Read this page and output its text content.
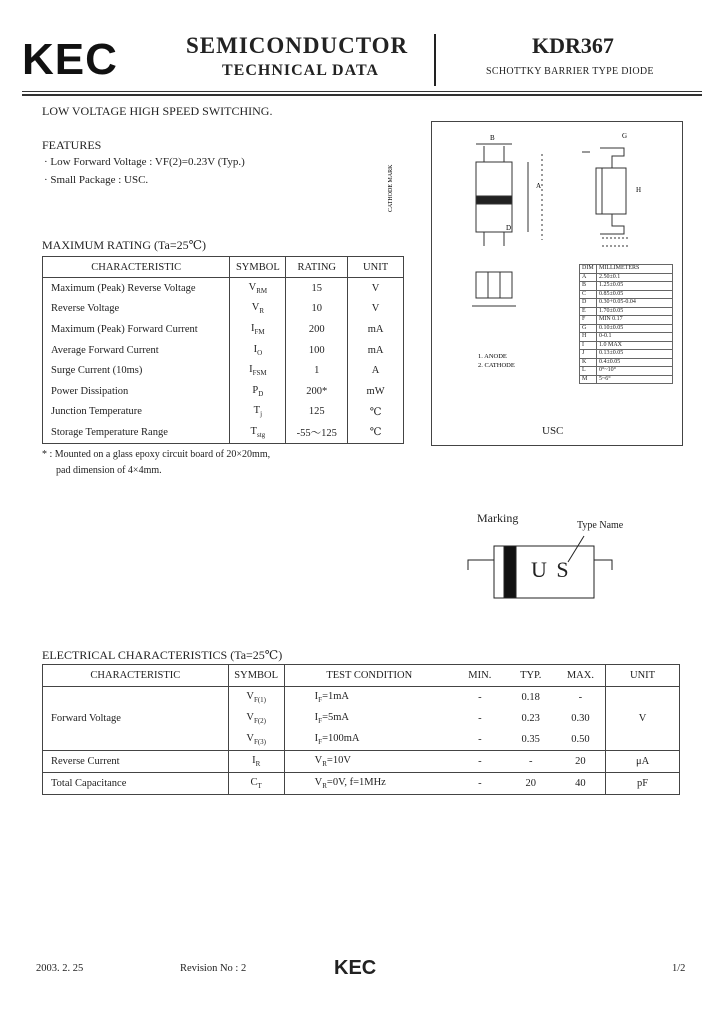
KEC	SEMICONDUCTOR
TECHNICAL DATA
KDR367
SCHOTTKY BARRIER TYPE DIODE
LOW VOLTAGE HIGH SPEED SWITCHING.
FEATURES
· Low Forward Voltage : VF(2)=0.23V (Typ.)
· Small Package : USC.
MAXIMUM RATING (Ta=25℃)
CHARACTERISTIC	SYMBOL	RATING	UNIT
Maximum (Peak) Reverse Voltage	$V_{RM}$	15	V
Reverse Voltage	$V_R$	10	V
Maximum (Peak) Forward Current	$I_{FM}$	200	mA
Average Forward Current	$I_O$	100	mA
Surge Current (10ms)	$I_{FSM}$	1	A
Power Dissipation	$P_D$	200*	mW
Junction Temperature	$T_j$	125	℃
Storage Temperature Range	$T_{stg}$	-55～125	℃
* : Mounted on a glass epoxy circuit board of 20×20mm,
pad dimension of 4×4mm.
CATHODE MARK
B
A
D
G
H
1. ANODE
2. CATHODE
DIM	MILLIMETERS
A	2.50±0.1
B	1.25±0.05
C	0.85±0.05
D	0.30+0.05-0.04
E	1.70±0.05
F	MIN 0.17
G	0.10±0.05
H	0-0.1
I	1.0 MAX
J	0.13±0.05
K	0.4±0.05
L	0°~10°
M	5~6°
USC
Marking
Type Name
U S
ELECTRICAL CHARACTERISTICS (Ta=25℃)
CHARACTERISTIC	SYMBOL	TEST CONDITION	MIN.	TYP.	MAX.	UNIT
Forward Voltage	$V_{F(1)}$	$I_F=1mA$	-	0.18	-	V
	$V_{F(2)}$	$I_F=5mA$	-	0.23	0.30	
	$V_{F(3)}$	$I_F=100mA$	-	0.35	0.50	
Reverse Current	$I_R$	$V_R=10V$	-	-	20	μA
Total Capacitance	$C_T$	$V_R=0V$, f=1MHz	-	20	40	pF
2003. 2. 25	Revision No : 2	KEC	1/2
